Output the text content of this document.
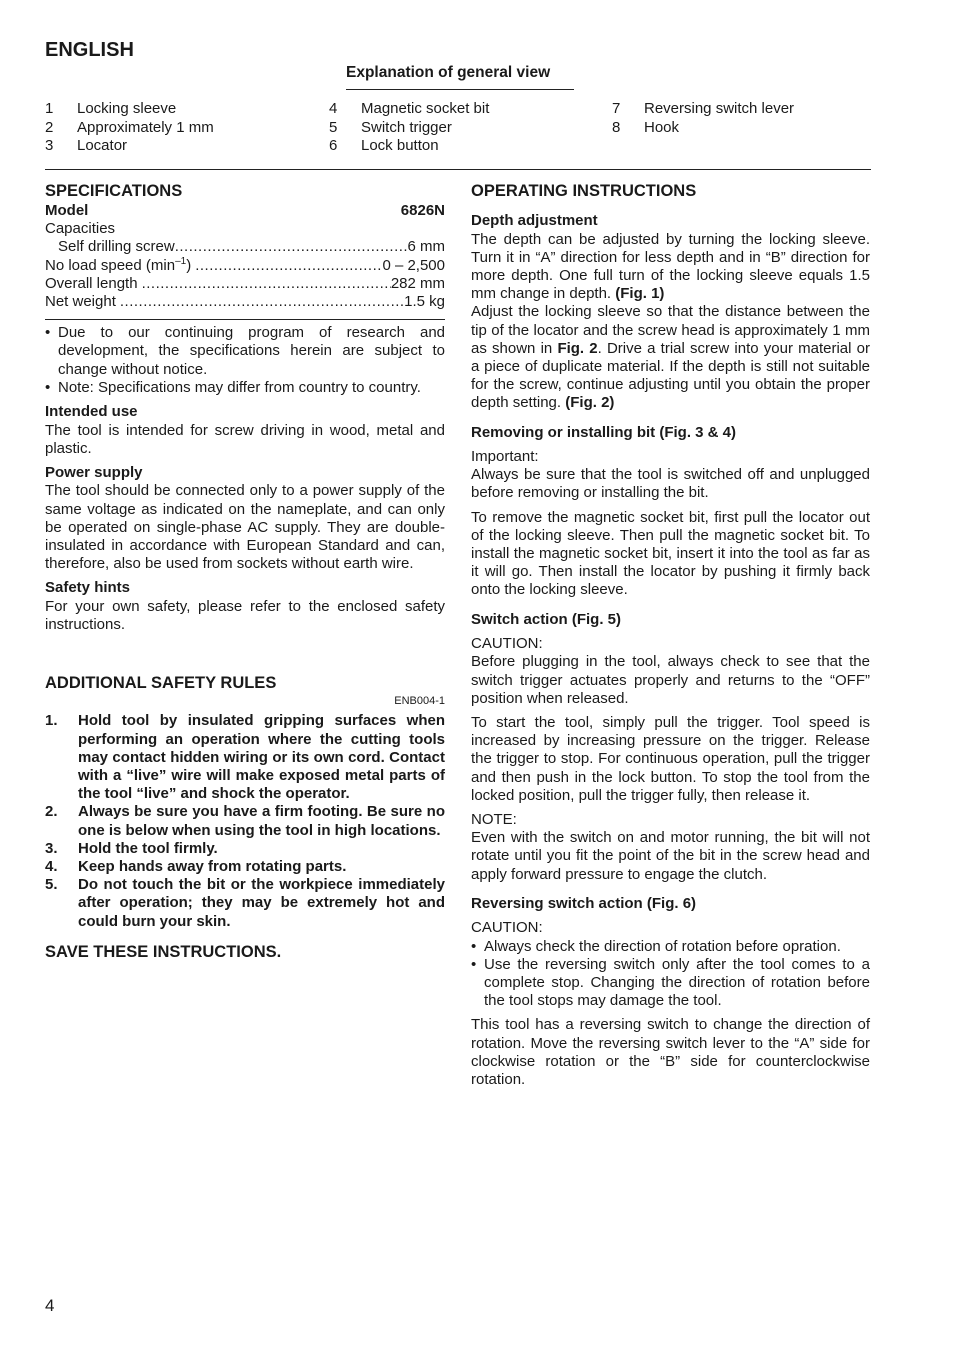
ENGLISH
Explanation of general view
1 Locking sleeve
2 Approximately 1 mm
3 Locator
4 Magnetic socket bit
5 Switch trigger
6 Lock button
7 Reversing switch lever
8 Hook
SPECIFICATIONS
Model	6826N
Capacities
Self drilling screw .....	6 mm
No load speed $(\min^{-1})$ .....	0 – 2,500
Overall length .....	282 mm
Net weight .....	1.5 kg
• Due to our continuing program of research and development, the specifications herein are subject to change without notice.
• Note: Specifications may differ from country to country.
Intended use

The tool is intended for screw driving in wood, metal and plastic.

Power supply

The tool should be connected only to a power supply of the same voltage as indicated on the nameplate, and can only be operated on single-phase AC supply. They are double-insulated in accordance with European Standard and can, therefore, also be used from sockets without earth wire.

Safety hints

For your own safety, please refer to the enclosed safety instructions.

ADDITIONAL SAFETY RULES
ENB004-1
1.	Hold tool by insulated gripping surfaces when performing an operation where the cutting tools may contact hidden wiring or its own cord. Contact with a “live” wire will make exposed metal parts of the tool “live” and shock the operator.
2.	Always be sure you have a firm footing. Be sure no one is below when using the tool in high locations.
3.	Hold the tool firmly.
4.	Keep hands away from rotating parts.
5.	Do not touch the bit or the workpiece immediately after operation; they may be extremely hot and could burn your skin.
SAVE THESE INSTRUCTIONS.
OPERATING INSTRUCTIONS
Depth adjustment

The depth can be adjusted by turning the locking sleeve. Turn it in “A” direction for less depth and in “B” direction for more depth. One full turn of the locking sleeve equals 1.5 mm change in depth. (Fig. 1)

Adjust the locking sleeve so that the distance between the tip of the locator and the screw head is approximately 1 mm as shown in Fig. 2. Drive a trial screw into your material or a piece of duplicate material. If the depth is still not suitable for the screw, continue adjusting until you obtain the proper depth setting. (Fig. 2)

Removing or installing bit (Fig. 3 & 4)

Important:

Always be sure that the tool is switched off and unplugged before removing or installing the bit.

To remove the magnetic socket bit, first pull the locator out of the locking sleeve. Then pull the magnetic socket bit. To install the magnetic socket bit, insert it into the tool as far as it will go. Then install the locator by pushing it firmly back onto the locking sleeve.

Switch action (Fig. 5)

CAUTION:

Before plugging in the tool, always check to see that the switch trigger actuates properly and returns to the “OFF” position when released.

To start the tool, simply pull the trigger. Tool speed is increased by increasing pressure on the trigger. Release the trigger to stop. For continuous operation, pull the trigger and then push in the lock button. To stop the tool from the locked position, pull the trigger fully, then release it.

NOTE:

Even with the switch on and motor running, the bit will not rotate until you fit the point of the bit in the screw head and apply forward pressure to engage the clutch.

Reversing switch action (Fig. 6)

CAUTION:

• Always check the direction of rotation before opration.
• Use the reversing switch only after the tool comes to a complete stop. Changing the direction of rotation before the tool stops may damage the tool.

This tool has a reversing switch to change the direction of rotation. Move the reversing switch lever to the “A” side for clockwise rotation or the “B” side for counterclockwise rotation.

4
